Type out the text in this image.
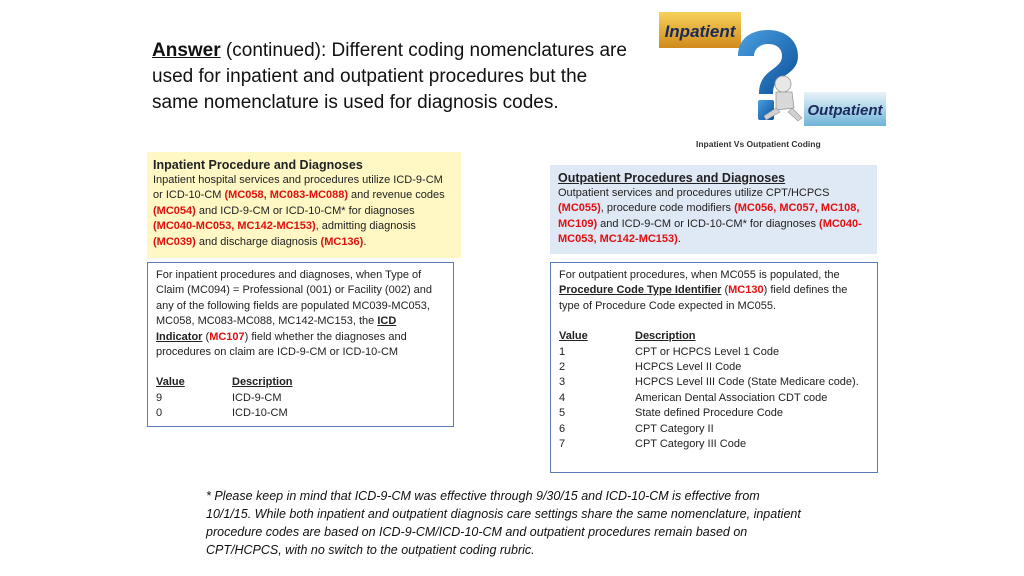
Answer (continued): Different coding nomenclatures are used for inpatient and outpatient procedures but the same nomenclature is used for diagnosis codes.
Inpatient
Outpatient
Inpatient Vs Outpatient Coding
Inpatient Procedure and Diagnoses
Inpatient hospital services and procedures utilize ICD-9-CM or ICD-10-CM (MC058, MC083-MC088) and revenue codes (MC054) and ICD-9-CM or ICD-10-CM* for diagnoses (MC040-MC053, MC142-MC153), admitting diagnosis (MC039) and discharge diagnosis (MC136).
Outpatient Procedures and Diagnoses
Outpatient services and procedures utilize CPT/HCPCS (MC055), procedure code modifiers (MC056, MC057, MC108, MC109) and ICD-9-CM or ICD-10-CM* for diagnoses (MC040-MC053, MC142-MC153).
For inpatient procedures and diagnoses, when Type of Claim (MC094) = Professional (001) or Facility (002) and any of the following fields are populated MC039-MC053, MC058, MC083-MC088, MC142-MC153, the ICD Indicator (MC107) field whether the diagnoses and procedures on claim are ICD-9-CM or ICD-10-CM
Value	Description
9	ICD-9-CM
0	ICD-10-CM
For outpatient procedures, when MC055 is populated, the Procedure Code Type Identifier (MC130) field defines the type of Procedure Code expected in MC055.
Value	Description
1	CPT or HCPCS Level 1 Code
2	HCPCS Level II Code
3	HCPCS Level III Code (State Medicare code).
4	American Dental Association CDT code
5	State defined Procedure Code
6	CPT Category II
7	CPT Category III Code
* Please keep in mind that ICD-9-CM was effective through 9/30/15 and ICD-10-CM is effective from 10/1/15. While both inpatient and outpatient diagnosis care settings share the same nomenclature, inpatient procedure codes are based on ICD-9-CM/ICD-10-CM and outpatient procedures remain based on CPT/HCPCS, with no switch to the outpatient coding rubric.
